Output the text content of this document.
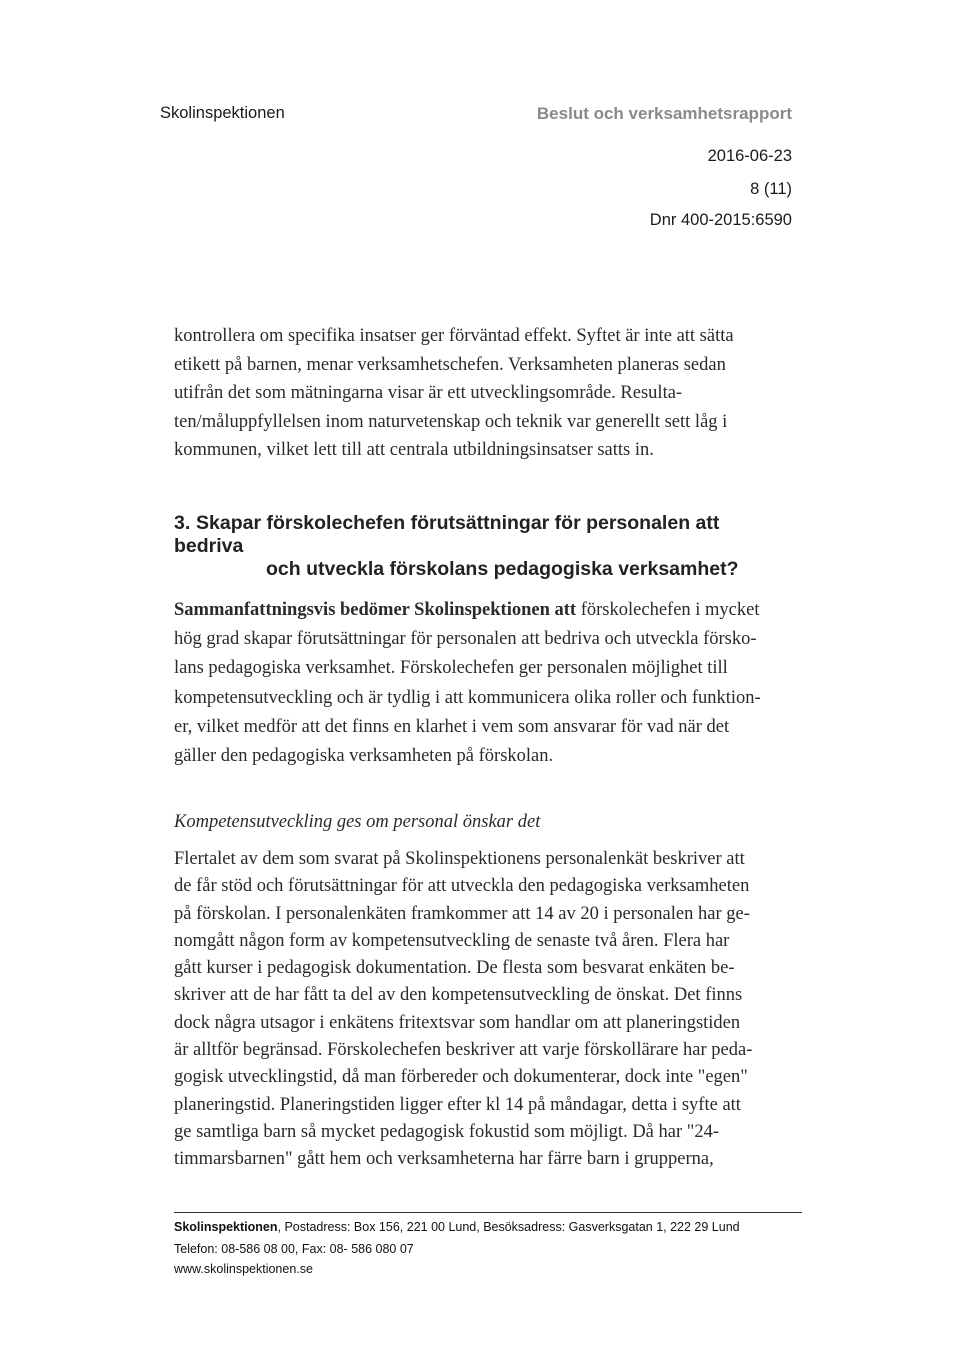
Skolinspektionen	Beslut och verksamhetsrapport
2016-06-23
8 (11)
Dnr 400-2015:6590

kontrollera om specifika insatser ger förväntad effekt. Syftet är inte att sätta
etikett på barnen, menar verksamhetschefen. Verksamheten planeras sedan
utifrån det som mätningarna visar är ett utvecklingsområde. Resulta-
ten/måluppfyllelsen inom naturvetenskap och teknik var generellt sett låg i
kommunen, vilket lett till att centrala utbildningsinsatser satts in.

3. Skapar förskolechefen förutsättningar för personalen att bedriva
och utveckla förskolans pedagogiska verksamhet?

Sammanfattningsvis bedömer Skolinspektionen att förskolechefen i mycket
hög grad skapar förutsättningar för personalen att bedriva och utveckla försko-
lans pedagogiska verksamhet. Förskolechefen ger personalen möjlighet till
kompetensutveckling och är tydlig i att kommunicera olika roller och funktion-
er, vilket medför att det finns en klarhet i vem som ansvarar för vad när det
gäller den pedagogiska verksamheten på förskolan.

Kompetensutveckling ges om personal önskar det

Flertalet av dem som svarat på Skolinspektionens personalenkät beskriver att
de får stöd och förutsättningar för att utveckla den pedagogiska verksamheten
på förskolan. I personalenkäten framkommer att 14 av 20 i personalen har ge-
nomgått någon form av kompetensutveckling de senaste två åren. Flera har
gått kurser i pedagogisk dokumentation. De flesta som besvarat enkäten be-
skriver att de har fått ta del av den kompetensutveckling de önskat. Det finns
dock några utsagor i enkätens fritextsvar som handlar om att planeringstiden
är alltför begränsad. Förskolechefen beskriver att varje förskollärare har peda-
gogisk utvecklingstid, då man förbereder och dokumenterar, dock inte "egen"
planeringstid. Planeringstiden ligger efter kl 14 på måndagar, detta i syfte att
ge samtliga barn så mycket pedagogisk fokustid som möjligt. Då har "24-
timmarsbarnen" gått hem och verksamheterna har färre barn i grupperna,

Skolinspektionen, Postadress: Box 156, 221 00 Lund, Besöksadress: Gasverksgatan 1, 222 29 Lund
Telefon: 08-586 08 00, Fax: 08- 586 080 07
www.skolinspektionen.se
